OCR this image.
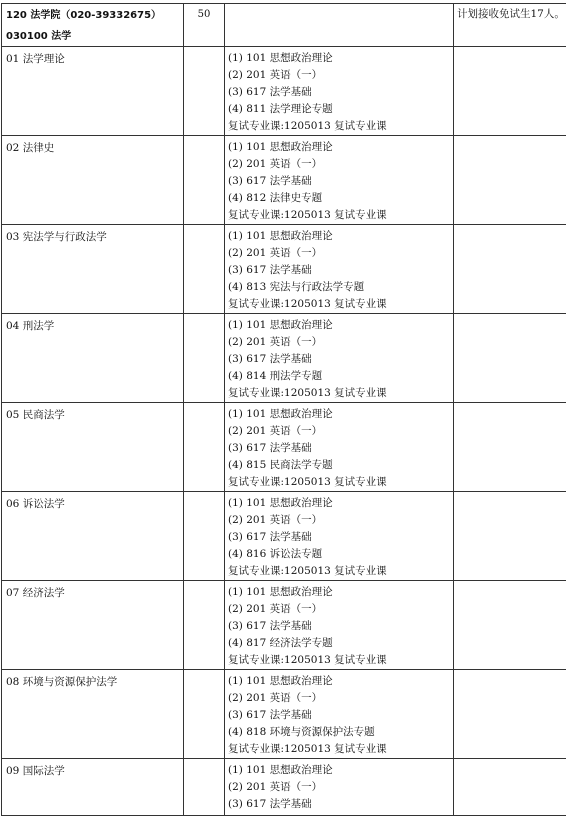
120 法学院（020-39332675）
030100 法学	50		计划接收免试生17人。

01 法学理论		(1) 101 思想政治理论
(2) 201 英语（一）
(3) 617 法学基础
(4) 811 法学理论专题
复试专业课:1205013 复试专业课	

02 法律史		(1) 101 思想政治理论
(2) 201 英语（一）
(3) 617 法学基础
(4) 812 法律史专题
复试专业课:1205013 复试专业课	

03 宪法学与行政法学		(1) 101 思想政治理论
(2) 201 英语（一）
(3) 617 法学基础
(4) 813 宪法与行政法学专题
复试专业课:1205013 复试专业课	

04 刑法学		(1) 101 思想政治理论
(2) 201 英语（一）
(3) 617 法学基础
(4) 814 刑法学专题
复试专业课:1205013 复试专业课	

05 民商法学		(1) 101 思想政治理论
(2) 201 英语（一）
(3) 617 法学基础
(4) 815 民商法学专题
复试专业课:1205013 复试专业课	

06 诉讼法学		(1) 101 思想政治理论
(2) 201 英语（一）
(3) 617 法学基础
(4) 816 诉讼法专题
复试专业课:1205013 复试专业课	

07 经济法学		(1) 101 思想政治理论
(2) 201 英语（一）
(3) 617 法学基础
(4) 817 经济法学专题
复试专业课:1205013 复试专业课	

08 环境与资源保护法学		(1) 101 思想政治理论
(2) 201 英语（一）
(3) 617 法学基础
(4) 818 环境与资源保护法专题
复试专业课:1205013 复试专业课	

09 国际法学		(1) 101 思想政治理论
(2) 201 英语（一）
(3) 617 法学基础	
